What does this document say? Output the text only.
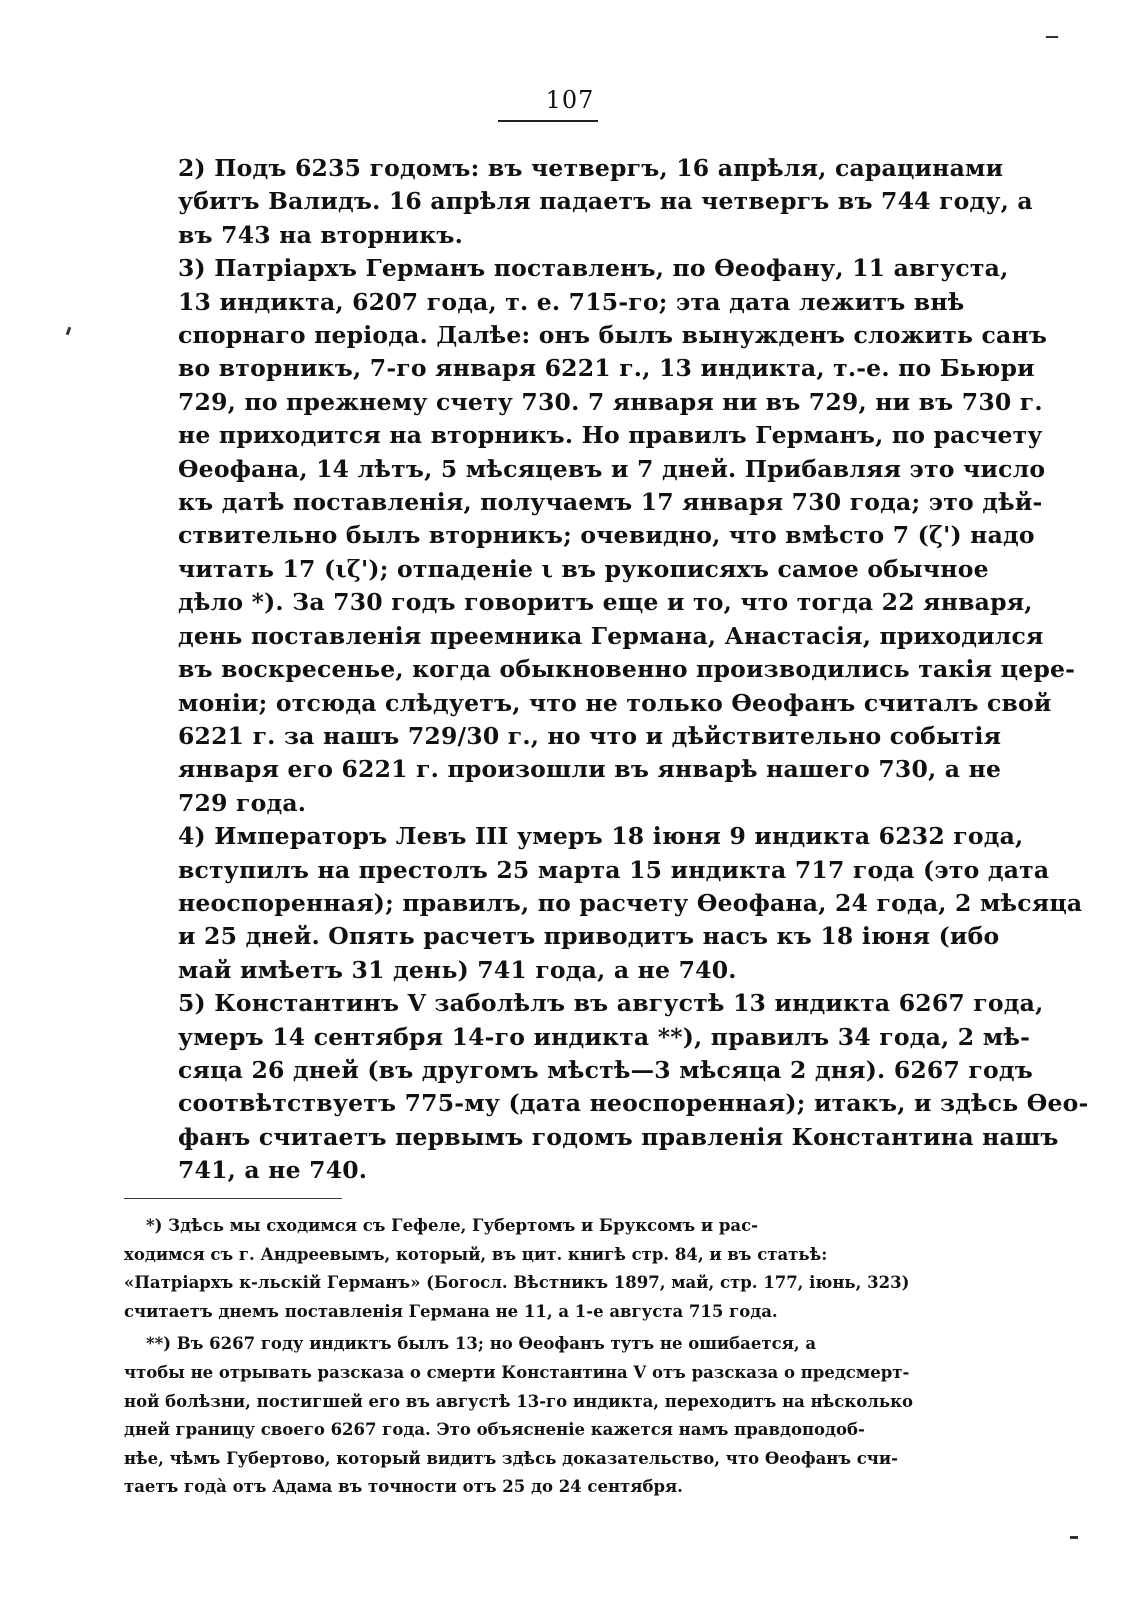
107

2) Подъ 6235 годомъ: въ четвергъ, 16 апрѣля, сарацинами
убитъ Валидъ. 16 апрѣля падаетъ на четвергъ въ 744 году, а
въ 743 на вторникъ.

3) Патріархъ Германъ поставленъ, по Ѳеофану, 11 августа,
13 индикта, 6207 года, т. е. 715-го; эта дата лежитъ внѣ
спорнаго періода. Далѣе: онъ былъ вынужденъ сложить санъ
во вторникъ, 7-го января 6221 г., 13 индикта, т.-е. по Бьюри
729, по прежнему счету 730. 7 января ни въ 729, ни въ 730 г.
не приходится на вторникъ. Но правилъ Германъ, по расчету
Ѳеофана, 14 лѣтъ, 5 мѣсяцевъ и 7 дней. Прибавляя это число
къ датѣ поставленія, получаемъ 17 января 730 года; это дѣй-
ствительно былъ вторникъ; очевидно, что вмѣсто 7 (ζ') надо
читать 17 (ιζ'); отпаденіе ι въ рукописяхъ самое обычное
дѣло *). За 730 годъ говоритъ еще и то, что тогда 22 января,
день поставленія преемника Германа, Анастасія, приходился
въ воскресенье, когда обыкновенно производились такія цере-
моніи; отсюда слѣдуетъ, что не только Ѳеофанъ считалъ свой
6221 г. за нашъ 729/30 г., но что и дѣйствительно событія
января его 6221 г. произошли въ январѣ нашего 730, а не
729 года.

4) Императоръ Левъ III умеръ 18 іюня 9 индикта 6232 года,
вступилъ на престолъ 25 марта 15 индикта 717 года (это дата
неоспоренная); правилъ, по расчету Ѳеофана, 24 года, 2 мѣсяца
и 25 дней. Опять расчетъ приводитъ насъ къ 18 іюня (ибо
май имѣетъ 31 день) 741 года, а не 740.

5) Константинъ V заболѣлъ въ августѣ 13 индикта 6267 года,
умеръ 14 сентября 14-го индикта **), правилъ 34 года, 2 мѣ-
сяца 26 дней (въ другомъ мѣстѣ—3 мѣсяца 2 дня). 6267 годъ
соотвѣтствуетъ 775-му (дата неоспоренная); итакъ, и здѣсь Ѳео-
фанъ считаетъ первымъ годомъ правленія Константина нашъ
741, а не 740.

*) Здѣсь мы сходимся съ Гефеле, Губертомъ и Бруксомъ и рас-
ходимся съ г. Андреевымъ, который, въ цит. книгѣ стр. 84, и въ статьѣ:
«Патріархъ к-льскій Германъ» (Богосл. Вѣстникъ 1897, май, стр. 177, іюнь, 323)
считаетъ днемъ поставленія Германа не 11, а 1-е августа 715 года.

**) Въ 6267 году индиктъ былъ 13; но Ѳеофанъ тутъ не ошибается, а
чтобы не отрывать разсказа о смерти Константина V отъ разсказа о предсмерт-
ной болѣзни, постигшей его въ августѣ 13-го индикта, переходитъ на нѣсколько
дней границу своего 6267 года. Это объясненіе кажется намъ правдоподоб-
нѣе, чѣмъ Губертово, который видитъ здѣсь доказательство, что Ѳеофанъ счи-
таетъ годà отъ Адама въ точности отъ 25 до 24 сентября.
